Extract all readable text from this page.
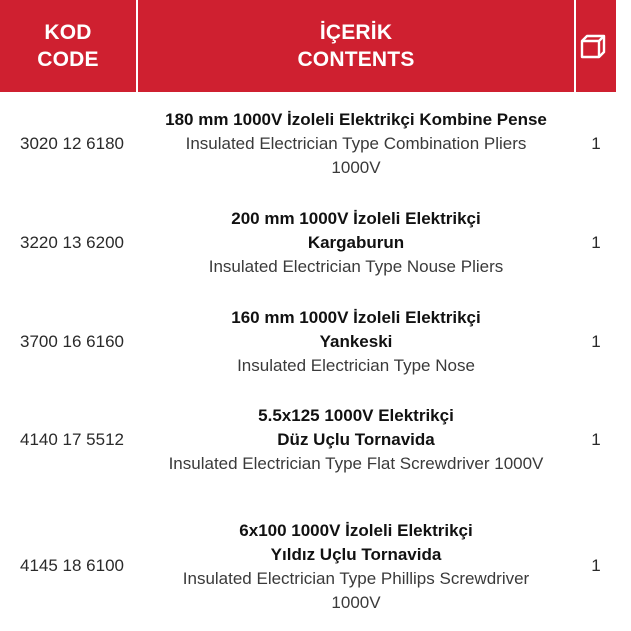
KOD
CODE
İÇERİK
CONTENTS
3020 12 6180
180 mm 1000V İzoleli Elektrikçi Kombine Pense
Insulated Electrician Type Combination Pliers
1000V
1
3220 13 6200
200 mm 1000V İzoleli Elektrikçi
Kargaburun
Insulated Electrician Type Nouse Pliers
1
3700 16 6160
160 mm 1000V İzoleli Elektrikçi
Yankeski
Insulated Electrician Type Nose
1
4140 17 5512
5.5x125 1000V Elektrikçi
Düz Uçlu Tornavida
Insulated Electrician Type Flat Screwdriver 1000V
1
4145 18 6100
6x100 1000V İzoleli Elektrikçi
Yıldız Uçlu Tornavida
Insulated Electrician Type Phillips Screwdriver
1000V
1
